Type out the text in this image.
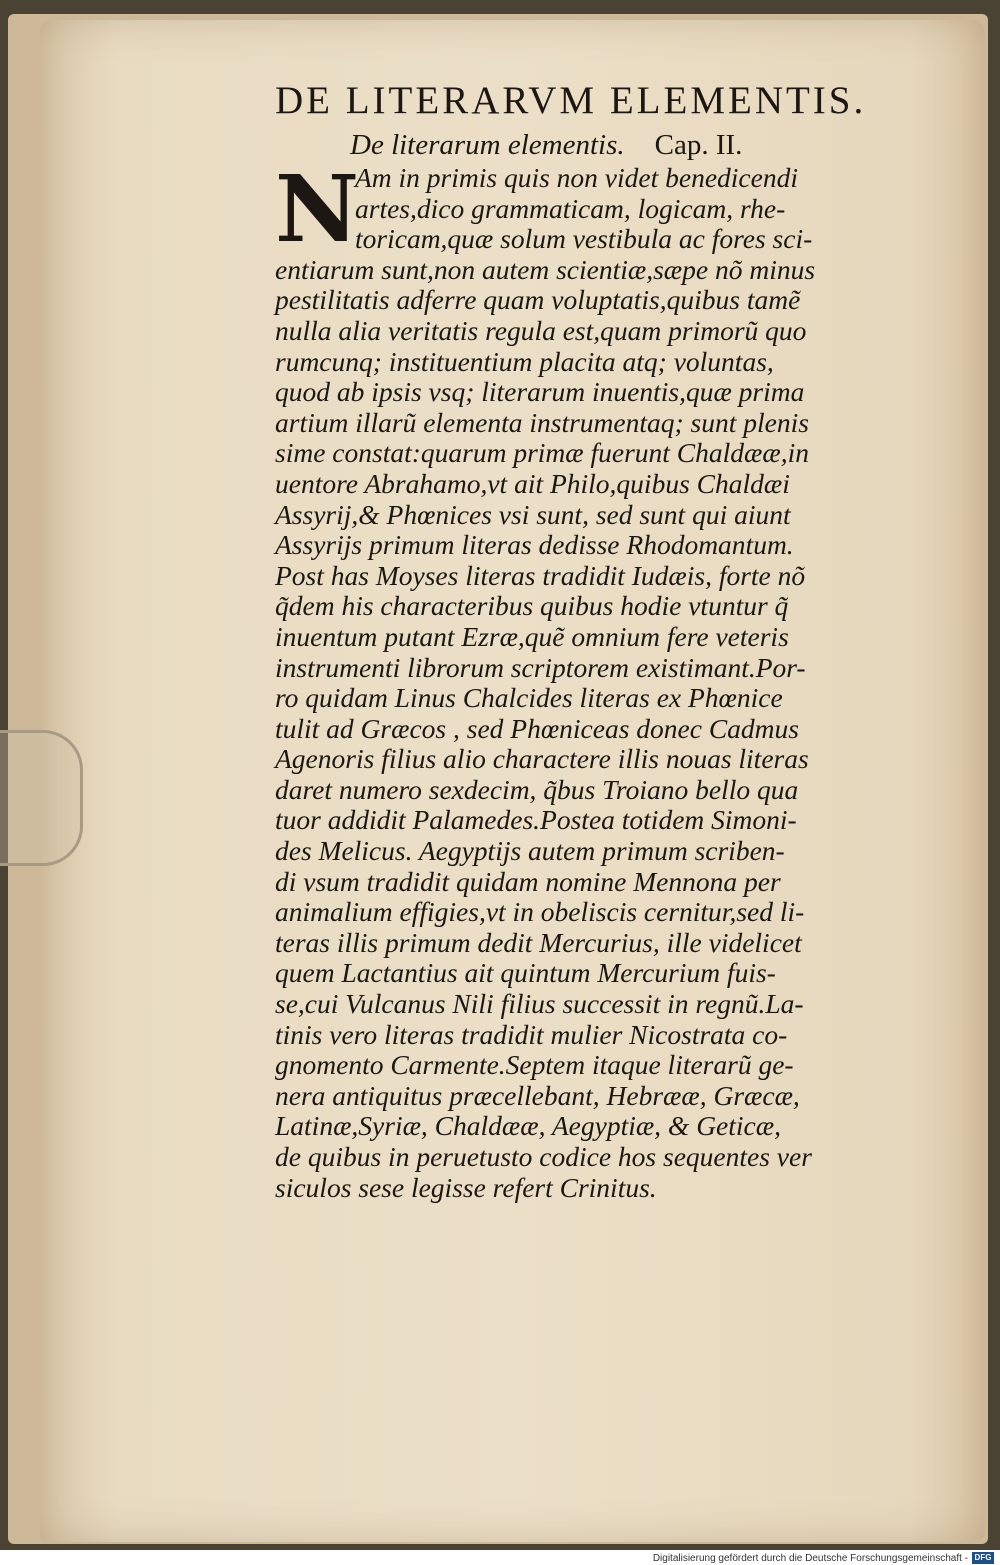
DE LITERARVM ELEMENTIS.
De literarum elementis. Cap. II.
N
Am in primis quis non videt benedicendi
artes,dico grammaticam, logicam, rhe-
toricam,quæ solum vestibula ac fores sci-
entiarum sunt,non autem scientiæ,sæpe nõ minus
pestilitatis adferre quam voluptatis,quibus tamẽ
nulla alia veritatis regula est,quam primorũ quo
rumcunq; instituentium placita atq; voluntas,
quod ab ipsis vsq; literarum inuentis,quæ prima
artium illarũ elementa instrumentaq; sunt plenis
sime constat:quarum primæ fuerunt Chaldææ,in
uentore Abrahamo,vt ait Philo,quibus Chaldæi
Assyrij,& Phœnices vsi sunt, sed sunt qui aiunt
Assyrijs primum literas dedisse Rhodomantum.
Post has Moyses literas tradidit Iudæis, forte nõ
q̃dem his characteribus quibus hodie vtuntur q̃
inuentum putant Ezræ,quẽ omnium fere veteris
instrumenti librorum scriptorem existimant.Por-
ro quidam Linus Chalcides literas ex Phœnice
tulit ad Græcos , sed Phœniceas donec Cadmus
Agenoris filius alio charactere illis nouas literas
daret numero sexdecim, q̃bus Troiano bello qua
tuor addidit Palamedes.Postea totidem Simoni-
des Melicus. Aegyptijs autem primum scriben-
di vsum tradidit quidam nomine Mennona per
animalium effigies,vt in obeliscis cernitur,sed li-
teras illis primum dedit Mercurius, ille videlicet
quem Lactantius ait quintum Mercurium fuis-
se,cui Vulcanus Nili filius successit in regnũ.La-
tinis vero literas tradidit mulier Nicostrata co-
gnomento Carmente.Septem itaque literarũ ge-
nera antiquitus præcellebant, Hebrææ, Græcæ,
Latinæ,Syriæ, Chaldææ, Aegyptiæ, & Geticæ,
de quibus in peruetusto codice hos sequentes ver
siculos sese legisse refert Crinitus.
Digitalisierung gefördert durch die Deutsche Forschungsgemeinschaft - DFG
